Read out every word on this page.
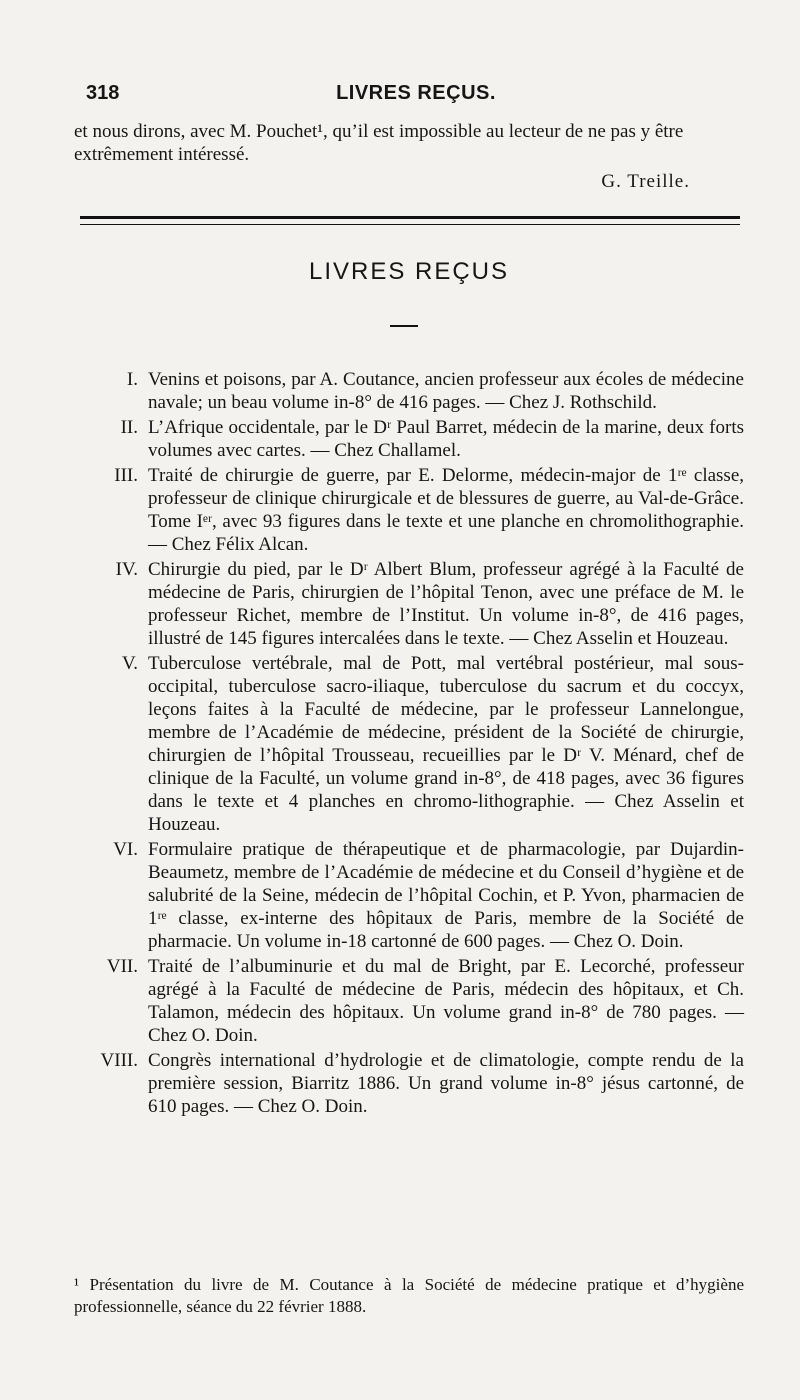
318	LIVRES REÇUS.
et nous dirons, avec M. Pouchet¹, qu’il est impossible au lecteur de ne pas y être extrêmement intéressé.
G. Treille.
LIVRES REÇUS
I. Venins et poisons, par A. Coutance, ancien professeur aux écoles de médecine navale; un beau volume in-8° de 416 pages. — Chez J. Rothschild.
II. L’Afrique occidentale, par le Dʳ Paul Barret, médecin de la marine, deux forts volumes avec cartes. — Chez Challamel.
III. Traité de chirurgie de guerre, par E. Delorme, médecin-major de 1ʳᵉ classe, professeur de clinique chirurgicale et de blessures de guerre, au Val-de-Grâce. Tome Iᵉʳ, avec 93 figures dans le texte et une planche en chromolithographie. — Chez Félix Alcan.
IV. Chirurgie du pied, par le Dʳ Albert Blum, professeur agrégé à la Faculté de médecine de Paris, chirurgien de l’hôpital Tenon, avec une préface de M. le professeur Richet, membre de l’Institut. Un volume in-8°, de 416 pages, illustré de 145 figures intercalées dans le texte. — Chez Asselin et Houzeau.
V. Tuberculose vertébrale, mal de Pott, mal vertébral postérieur, mal sous-occipital, tuberculose sacro-iliaque, tuberculose du sacrum et du coccyx, leçons faites à la Faculté de médecine, par le professeur Lannelongue, membre de l’Académie de médecine, président de la Société de chirurgie, chirurgien de l’hôpital Trousseau, recueillies par le Dʳ V. Ménard, chef de clinique de la Faculté, un volume grand in-8°, de 418 pages, avec 36 figures dans le texte et 4 planches en chromo-lithographie. — Chez Asselin et Houzeau.
VI. Formulaire pratique de thérapeutique et de pharmacologie, par Dujardin-Beaumetz, membre de l’Académie de médecine et du Conseil d’hygiène et de salubrité de la Seine, médecin de l’hôpital Cochin, et P. Yvon, pharmacien de 1ʳᵉ classe, ex-interne des hôpitaux de Paris, membre de la Société de pharmacie. Un volume in-18 cartonné de 600 pages. — Chez O. Doin.
VII. Traité de l’albuminurie et du mal de Bright, par E. Lecorché, professeur agrégé à la Faculté de médecine de Paris, médecin des hôpitaux, et Ch. Talamon, médecin des hôpitaux. Un volume grand in-8° de 780 pages. — Chez O. Doin.
VIII. Congrès international d’hydrologie et de climatologie, compte rendu de la première session, Biarritz 1886. Un grand volume in-8° jésus cartonné, de 610 pages. — Chez O. Doin.
¹ Présentation du livre de M. Coutance à la Société de médecine pratique et d’hygiène professionnelle, séance du 22 février 1888.
